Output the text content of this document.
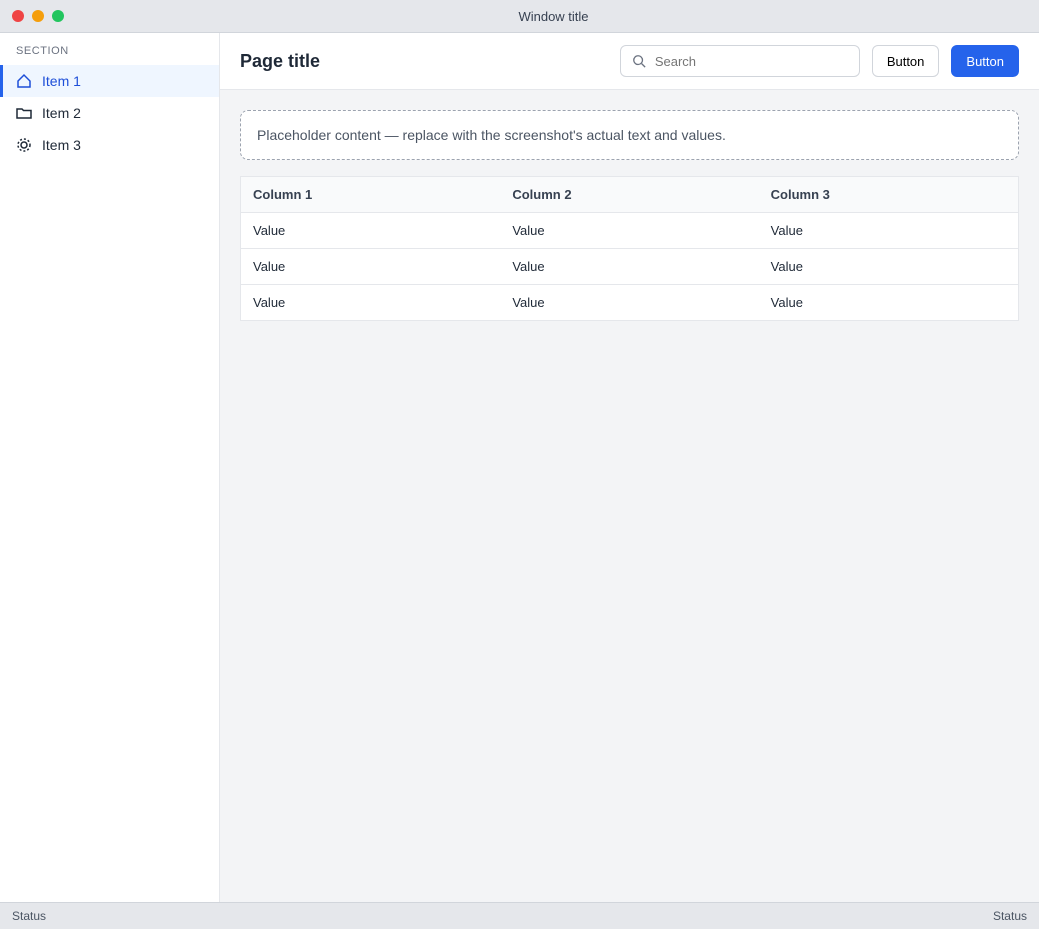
Window title
SECTION
Item 1
Item 2
Item 3
Page title
Search	Button	Button
Placeholder content — replace with the screenshot's actual text and values.
Column 1	Column 2	Column 3
Value	Value	Value
Value	Value	Value
Value	Value	Value
Status	Status
